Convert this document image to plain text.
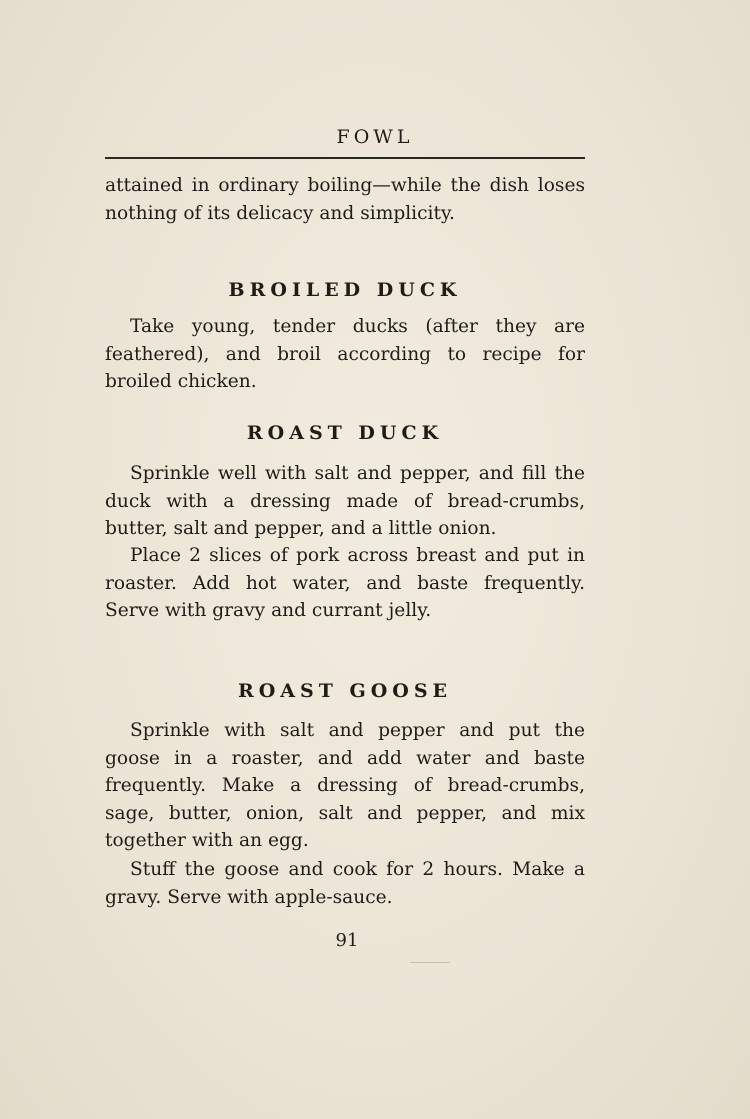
FOWL

attained in ordinary boiling—while the dish loses nothing of its delicacy and simplicity.

BROILED DUCK

Take young, tender ducks (after they are feathered), and broil according to recipe for broiled chicken.

ROAST DUCK

Sprinkle well with salt and pepper, and fill the duck with a dressing made of bread-crumbs, butter, salt and pepper, and a little onion.

Place 2 slices of pork across breast and put in roaster. Add hot water, and baste frequently. Serve with gravy and currant jelly.

ROAST GOOSE

Sprinkle with salt and pepper and put the goose in a roaster, and add water and baste frequently. Make a dressing of bread-crumbs, sage, butter, onion, salt and pepper, and mix together with an egg.

Stuff the goose and cook for 2 hours. Make a gravy. Serve with apple-sauce.

91
